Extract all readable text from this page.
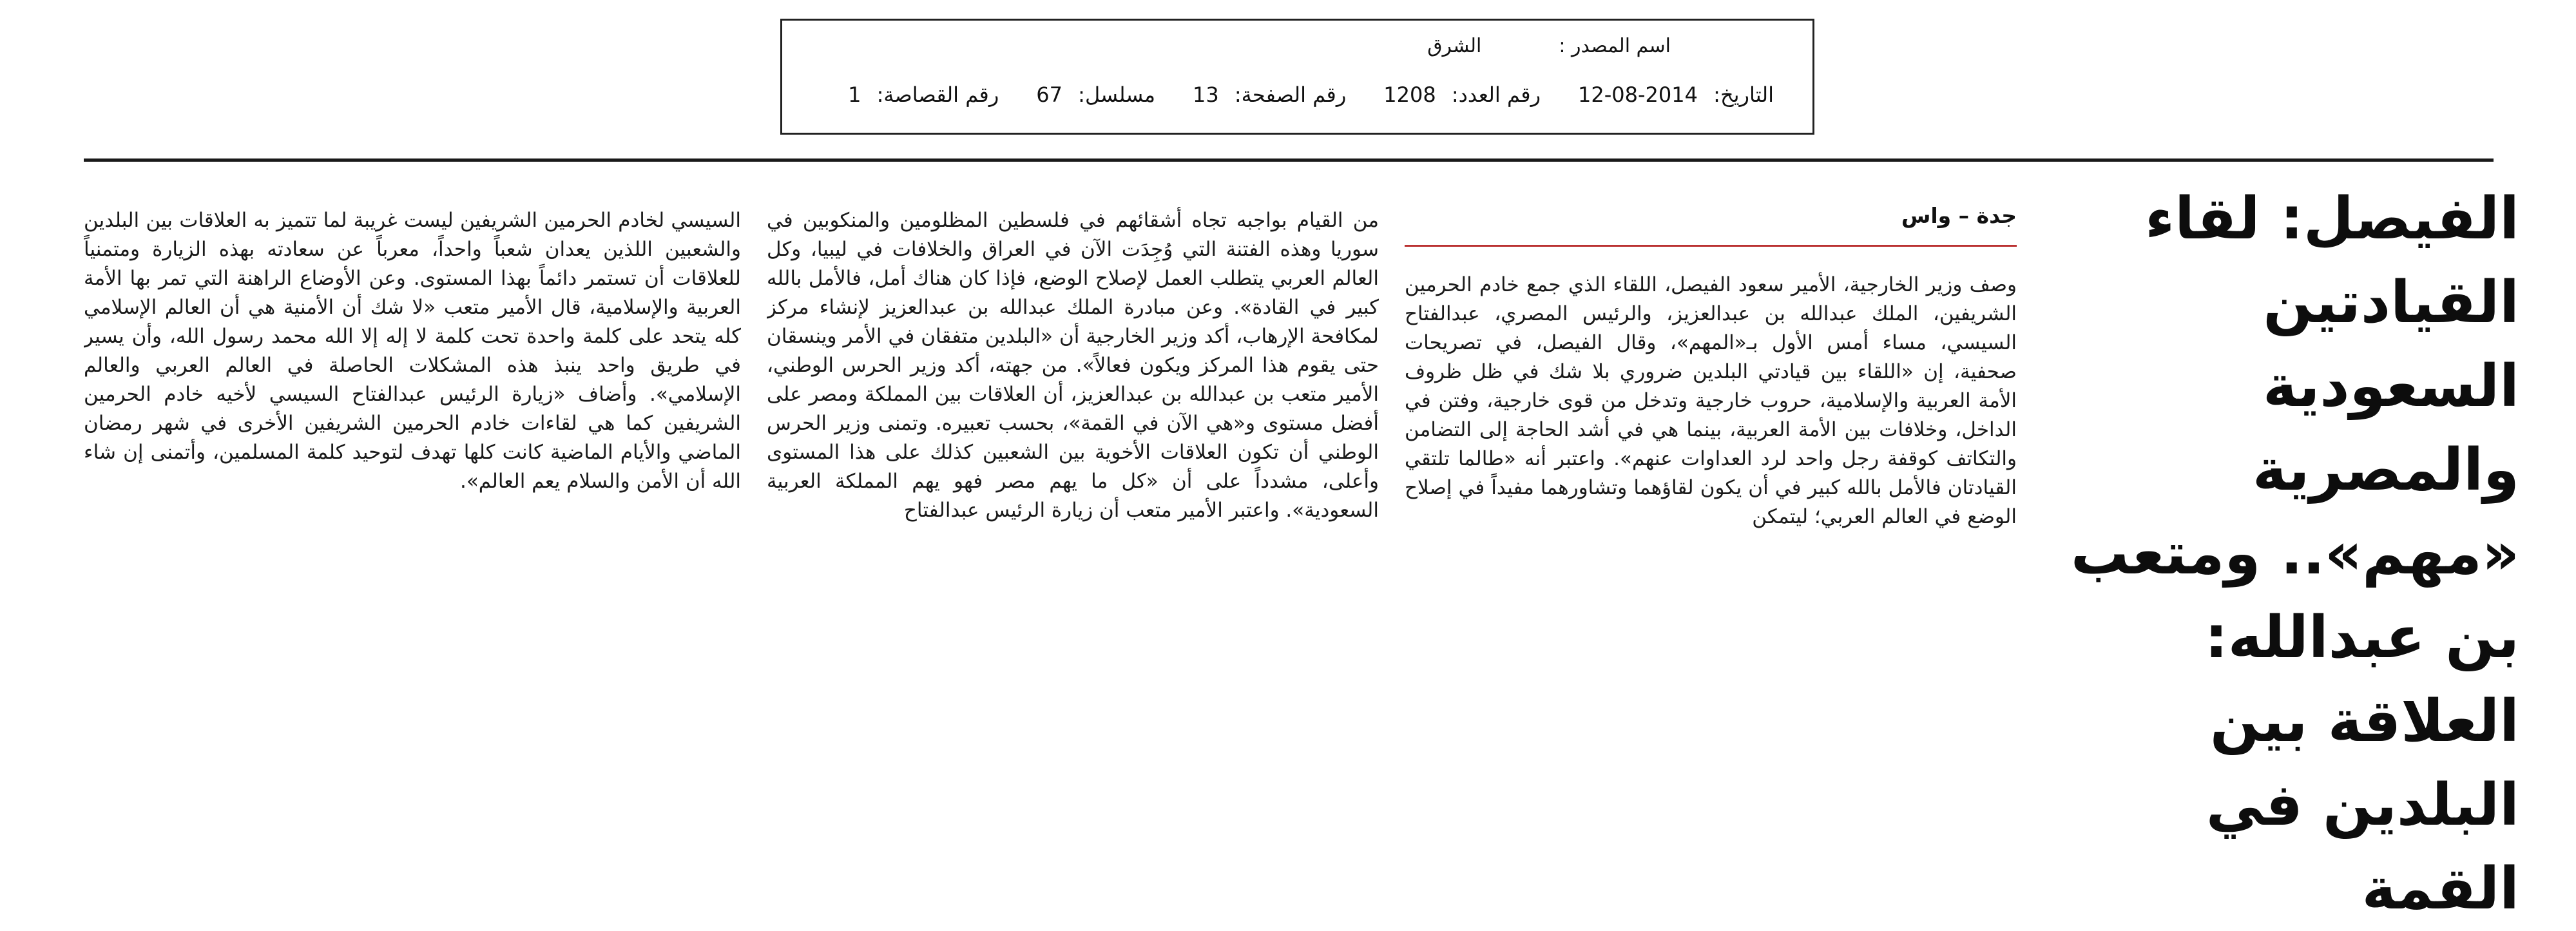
اسم المصدر :
الشرق
التاريخ: 2014-08-12
رقم العدد: 1208
رقم الصفحة: 13
مسلسل: 67
رقم القصاصة: 1
الفيصل: لقاء القيادتين السعودية والمصرية «مهم».. ومتعب بن عبدالله: العلاقة بين البلدين في القمة
جدة – واس

وصف وزير الخارجية، الأمير سعود الفيصل، اللقاء الذي جمع خادم الحرمين الشريفين، الملك عبدالله بن عبدالعزيز، والرئيس المصري، عبدالفتاح السيسي، مساء أمس الأول بـ«المهم»، وقال الفيصل، في تصريحات صحفية، إن «اللقاء بين قيادتي البلدين ضروري بلا شك في ظل ظروف الأمة العربية والإسلامية، حروب خارجية وتدخل من قوى خارجية، وفتن في الداخل، وخلافات بين الأمة العربية، بينما هي في أشد الحاجة إلى التضامن والتكاتف كوقفة رجل واحد لرد العداوات عنهم». واعتبر أنه «طالما تلتقي القيادتان فالأمل بالله كبير في أن يكون لقاؤهما وتشاورهما مفيداً في إصلاح الوضع في العالم العربي؛ ليتمكن

من القيام بواجبه تجاه أشقائهم في فلسطين المظلومين والمنكوبين في سوريا وهذه الفتنة التي وُجِدَت الآن في العراق والخلافات في ليبيا، وكل العالم العربي يتطلب العمل لإصلاح الوضع، فإذا كان هناك أمل، فالأمل بالله كبير في القادة». وعن مبادرة الملك عبدالله بن عبدالعزيز لإنشاء مركز لمكافحة الإرهاب، أكد وزير الخارجية أن «البلدين متفقان في الأمر وينسقان حتى يقوم هذا المركز ويكون فعالاً». من جهته، أكد وزير الحرس الوطني، الأمير متعب بن عبدالله بن عبدالعزيز، أن العلاقات بين المملكة ومصر على أفضل مستوى و«هي الآن في القمة»، بحسب تعبيره. وتمنى وزير الحرس الوطني أن تكون العلاقات الأخوية بين الشعبين كذلك على هذا المستوى وأعلى، مشدداً على أن «كل ما يهم مصر فهو يهم المملكة العربية السعودية». واعتبر الأمير متعب أن زيارة الرئيس عبدالفتاح

السيسي لخادم الحرمين الشريفين ليست غريبة لما تتميز به العلاقات بين البلدين والشعبين اللذين يعدان شعباً واحداً، معرباً عن سعادته بهذه الزيارة ومتمنياً للعلاقات أن تستمر دائماً بهذا المستوى. وعن الأوضاع الراهنة التي تمر بها الأمة العربية والإسلامية، قال الأمير متعب «لا شك أن الأمنية هي أن العالم الإسلامي كله يتحد على كلمة واحدة تحت كلمة لا إله إلا الله محمد رسول الله، وأن يسير في طريق واحد ينبذ هذه المشكلات الحاصلة في العالم العربي والعالم الإسلامي». وأضاف «زيارة الرئيس عبدالفتاح السيسي لأخيه خادم الحرمين الشريفين كما هي لقاءات خادم الحرمين الشريفين الأخرى في شهر رمضان الماضي والأيام الماضية كانت كلها تهدف لتوحيد كلمة المسلمين، وأتمنى إن شاء الله أن الأمن والسلام يعم العالم».
